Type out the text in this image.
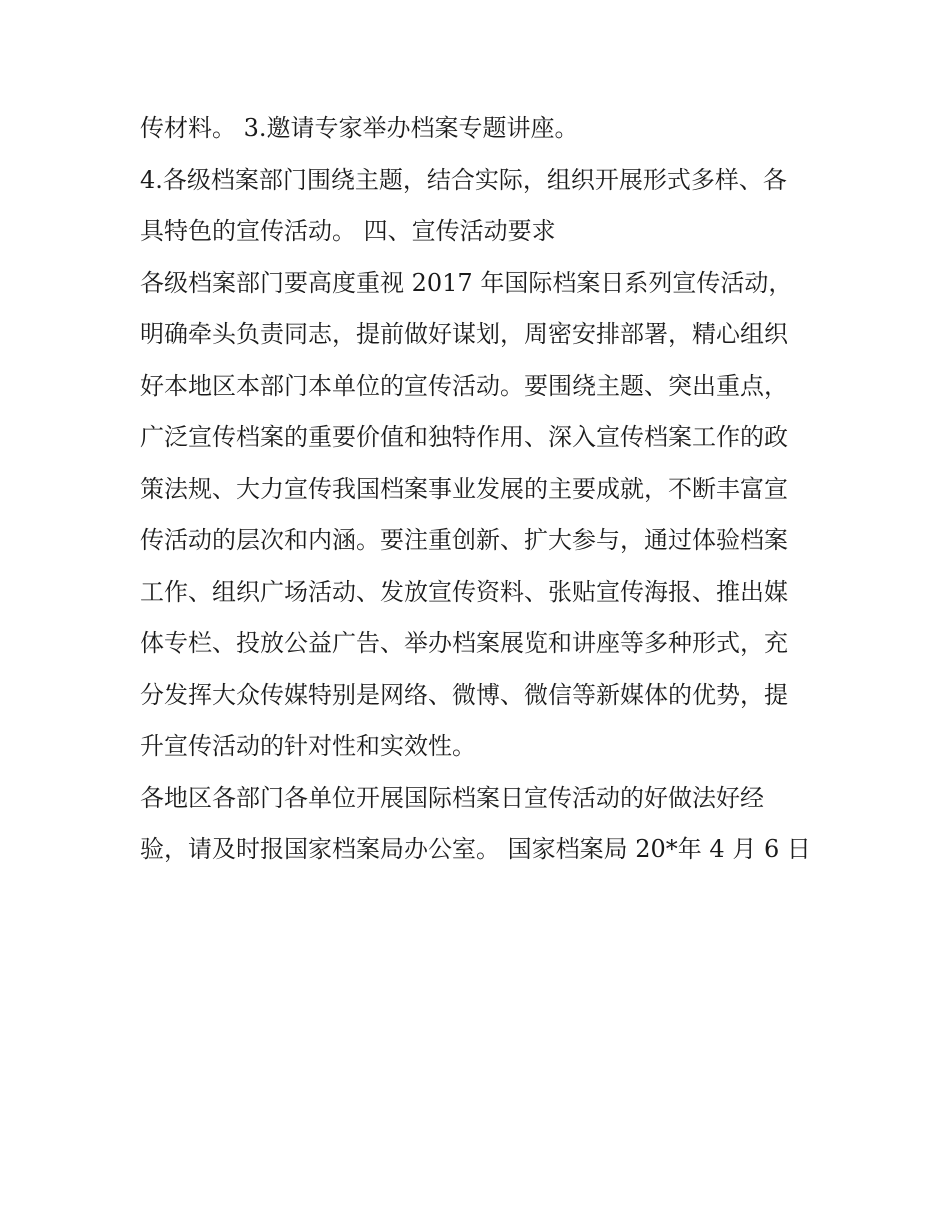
传材料。 3.邀请专家举办档案专题讲座。

4.各级档案部门围绕主题，结合实际，组织开展形式多样、各

具特色的宣传活动。 四、宣传活动要求

各级档案部门要高度重视 2017 年国际档案日系列宣传活动，

明确牵头负责同志，提前做好谋划，周密安排部署，精心组织

好本地区本部门本单位的宣传活动。要围绕主题、突出重点，

广泛宣传档案的重要价值和独特作用、深入宣传档案工作的政

策法规、大力宣传我国档案事业发展的主要成就，不断丰富宣

传活动的层次和内涵。要注重创新、扩大参与，通过体验档案

工作、组织广场活动、发放宣传资料、张贴宣传海报、推出媒

体专栏、投放公益广告、举办档案展览和讲座等多种形式，充

分发挥大众传媒特别是网络、微博、微信等新媒体的优势，提

升宣传活动的针对性和实效性。

各地区各部门各单位开展国际档案日宣传活动的好做法好经

验，请及时报国家档案局办公室。 国家档案局 20*年 4 月 6 日
